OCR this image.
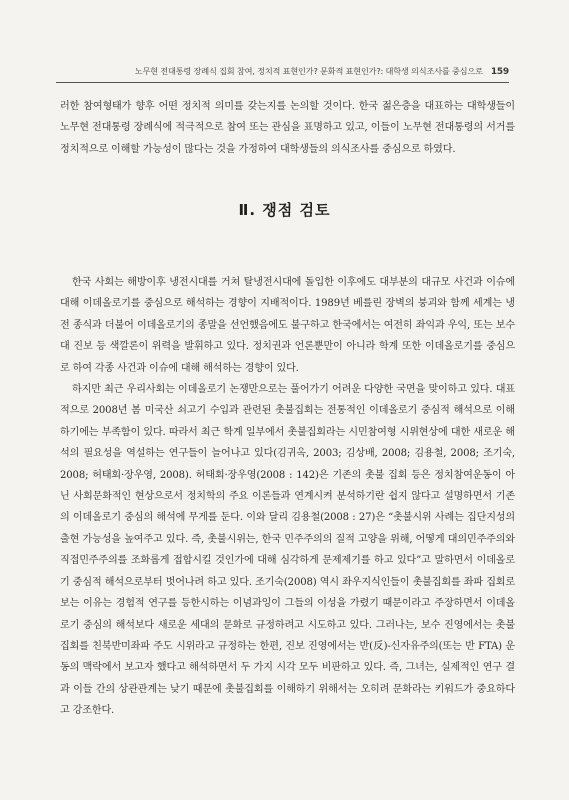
노무현 전대통령 장례식 집회 참여, 정치적 표현인가? 문화적 표현인가?: 대학생 의식조사를 중심으로 159

러한 참여형태가 향후 어떤 정치적 의미를 갖는지를 논의할 것이다. 한국 젊은층을 대표하는 대학생들이 노무현 전대통령 장례식에 적극적으로 참여 또는 관심을 표명하고 있고, 이들이 노무현 전대통령의 서거를 정치적으로 이해할 가능성이 많다는 것을 가정하여 대학생들의 의식조사를 중심으로 하였다.

Ⅱ. 쟁점 검토

한국 사회는 해방이후 냉전시대를 거쳐 탈냉전시대에 돌입한 이후에도 대부분의 대규모 사건과 이슈에 대해 이데올로기를 중심으로 해석하는 경향이 지배적이다. 1989년 베를린 장벽의 붕괴와 함께 세계는 냉전 종식과 더불어 이데올로기의 종말을 선언했음에도 불구하고 한국에서는 여전히 좌익과 우익, 또는 보수 대 진보 등 색깔론이 위력을 발휘하고 있다. 정치권과 언론뿐만이 아니라 학계 또한 이데올로기를 중심으로 하여 각종 사건과 이슈에 대해 해석하는 경향이 있다.

하지만 최근 우리사회는 이데올로기 논쟁만으로는 풀어가기 어려운 다양한 국면을 맞이하고 있다. 대표적으로 2008년 봄 미국산 쇠고기 수입과 관련된 촛불집회는 전통적인 이데올로기 중심적 해석으로 이해하기에는 부족함이 있다. 따라서 최근 학계 일부에서 촛불집회라는 시민참여형 시위현상에 대한 새로운 해석의 필요성을 역설하는 연구들이 늘어나고 있다(김귀옥, 2003; 김상배, 2008; 김용철, 2008; 조기숙, 2008; 허태회·장우영, 2008). 허태회·장우영(2008 : 142)은 기존의 촛불 집회 등은 정치참여운동이 아닌 사회문화적인 현상으로서 정치학의 주요 이론들과 연계시켜 분석하기란 쉽지 않다고 설명하면서 기존의 이데올로기 중심의 해석에 무게를 둔다. 이와 달리 김용철(2008 : 27)은 “촛불시위 사례는 집단지성의 출현 가능성을 높여주고 있다. 즉, 촛불시위는, 한국 민주주의의 질적 고양을 위해, 어떻게 대의민주주의와 직접민주주의를 조화롭게 접합시킬 것인가에 대해 심각하게 문제제기를 하고 있다”고 말하면서 이데올로기 중심적 해석으로부터 벗어나려 하고 있다. 조기숙(2008) 역시 좌우지식인들이 촛불집회를 좌파 집회로 보는 이유는 경험적 연구를 등한시하는 이념과잉이 그들의 이성을 가렸기 때문이라고 주장하면서 이데올로기 중심의 해석보다 새로운 세대의 문화로 규정하려고 시도하고 있다. 그러나는, 보수 진영에서는 촛불집회를 친북반미좌파 주도 시위라고 규정하는 한편, 진보 진영에서는 반(反)-신자유주의(또는 반 FTA) 운동의 맥락에서 보고자 했다고 해석하면서 두 가지 시각 모두 비판하고 있다. 즉, 그녀는, 실제적인 연구 결과 이들 간의 상관관계는 낮기 때문에 촛불집회를 이해하기 위해서는 오히려 문화라는 키워드가 중요하다고 강조한다.
